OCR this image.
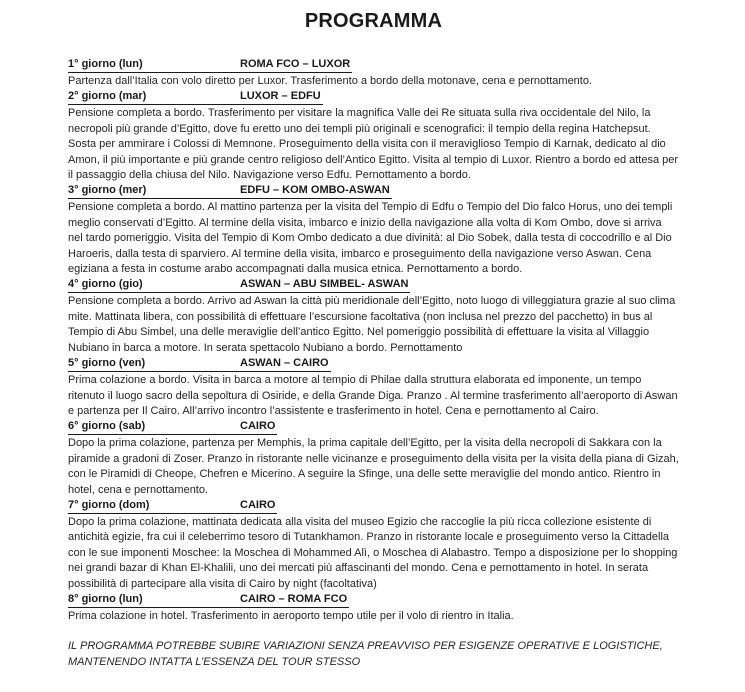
PROGRAMMA
1° giorno (lun)	ROMA FCO – LUXOR

Partenza dall’Italia con volo diretto per Luxor. Trasferimento a bordo della motonave, cena e pernottamento.

2° giorno (mar)	LUXOR – EDFU

Pensione completa a bordo. Trasferimento per visitare la magnifica Valle dei Re situata sulla riva occidentale del Nilo, la necropoli più grande d’Egitto, dove fu eretto uno dei templi più originali e scenografici: il tempio della regina Hatchepsut. Sosta per ammirare i Colossi di Memnone. Proseguimento della visita con il meraviglioso Tempio di Karnak, dedicato al dio Amon, il più importante e più grande centro religioso dell’Antico Egitto. Visita al tempio di Luxor. Rientro a bordo ed attesa per il passaggio della chiusa del Nilo. Navigazione verso Edfu. Pernottamento a bordo.

3° giorno (mer)	EDFU – KOM OMBO-ASWAN

Pensione completa a bordo. Al mattino partenza per la visita del Tempio di Edfu o Tempio del Dio falco Horus, uno dei templi meglio conservati d’Egitto. Al termine della visita, imbarco e inizio della navigazione alla volta di Kom Ombo, dove si arriva nel tardo pomeriggio. Visita del Tempio di Kom Ombo dedicato a due divinità: al Dio Sobek, dalla testa di coccodrillo e al Dio Haroeris, dalla testa di sparviero. Al termine della visita, imbarco e proseguimento della navigazione verso Aswan. Cena egiziana a festa in costume arabo accompagnati dalla musica etnica. Pernottamento a bordo.

4° giorno (gio)	ASWAN – ABU SIMBEL- ASWAN

Pensione completa a bordo. Arrivo ad Aswan la città più meridionale dell’Egitto, noto luogo di villeggiatura grazie al suo clima mite. Mattinata libera, con possibilità di effettuare l’escursione facoltativa (non inclusa nel prezzo del pacchetto) in bus al Tempio di Abu Simbel, una delle meraviglie dell’antico Egitto. Nel pomeriggio possibilità di effettuare la visita al Villaggio Nubiano in barca a motore. In serata spettacolo Nubiano a bordo. Pernottamento

5° giorno (ven)	ASWAN – CAIRO

Prima colazione a bordo. Visita in barca a motore al tempio di Philae dalla struttura elaborata ed imponente, un tempo ritenuto il luogo sacro della sepoltura di Osiride, e della Grande Diga. Pranzo . Al termine trasferimento all’aeroporto di Aswan e partenza per Il Cairo. All’arrivo incontro l’assistente e trasferimento in hotel. Cena e pernottamento al Cairo.

6° giorno (sab)	CAIRO

Dopo la prima colazione, partenza per Memphis, la prima capitale dell’Egitto, per la visita della necropoli di Sakkara con la piramide a gradoni di Zoser. Pranzo in ristorante nelle vicinanze e proseguimento della visita per la visita della piana di Gizah, con le Piramidi di Cheope, Chefren e Micerino. A seguire la Sfinge, una delle sette meraviglie del mondo antico. Rientro in hotel, cena e pernottamento.

7° giorno (dom)	CAIRO

Dopo la prima colazione, mattinata dedicata alla visita del museo Egizio che raccoglie la più ricca collezione esistente di antichità egizie, fra cui il celeberrimo tesoro di Tutankhamon. Pranzo in ristorante locale e proseguimento verso la Cittadella con le sue imponenti Moschee: la Moschea di Mohammed Alì, o Moschea di Alabastro. Tempo a disposizione per lo shopping nei grandi bazar di Khan El-Khalili, uno dei mercati più affascinanti del mondo. Cena e pernottamento in hotel. In serata possibilità di partecipare alla visita di Cairo by night (facoltativa)

8° giorno (lun)	CAIRO – ROMA FCO

Prima colazione in hotel. Trasferimento in aeroporto tempo utile per il volo di rientro in Italia.

IL PROGRAMMA POTREBBE SUBIRE VARIAZIONI SENZA PREAVVISO PER ESIGENZE OPERATIVE E LOGISTICHE, MANTENENDO INTATTA L’ESSENZA DEL TOUR STESSO
